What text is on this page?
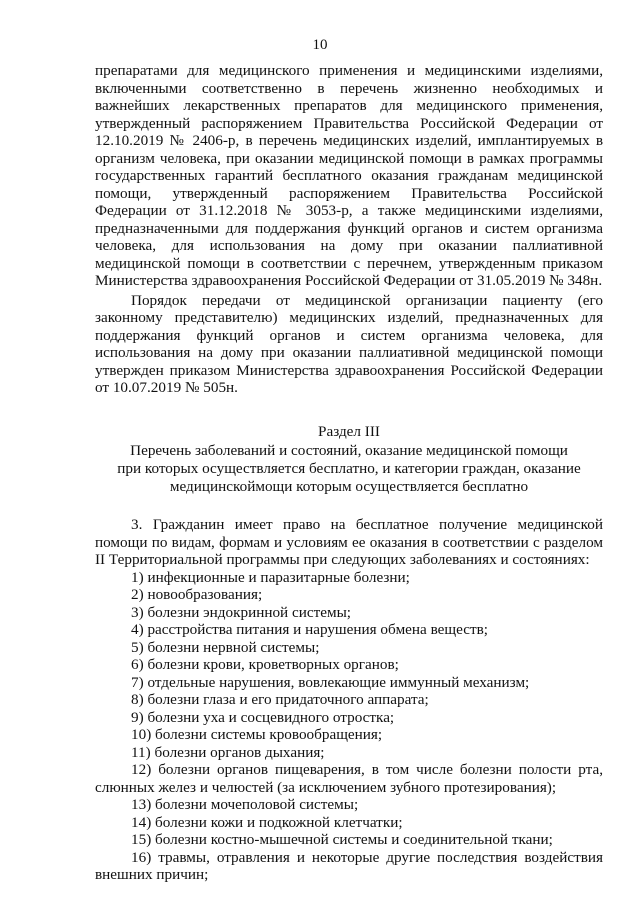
10

препаратами для медицинского применения и медицинскими изделиями, включенными соответственно в перечень жизненно необходимых и важнейших лекарственных препаратов для медицинского применения, утвержденный распоряжением Правительства Российской Федерации от 12.10.2019 № 2406-р, в перечень медицинских изделий, имплантируемых в организм человека, при оказании медицинской помощи в рамках программы государственных гарантий бесплатного оказания гражданам медицинской помощи, утвержденный распоряжением Правительства Российской Федерации от 31.12.2018 № 3053-р, а также медицинскими изделиями, предназначенными для поддержания функций органов и систем организма человека, для использования на дому при оказании паллиативной медицинской помощи в соответствии с перечнем, утвержденным приказом Министерства здравоохранения Российской Федерации от 31.05.2019 № 348н.

Порядок передачи от медицинской организации пациенту (его законному представителю) медицинских изделий, предназначенных для поддержания функций органов и систем организма человека, для использования на дому при оказании паллиативной медицинской помощи утвержден приказом Министерства здравоохранения Российской Федерации от 10.07.2019 № 505н.

Раздел III
Перечень заболеваний и состояний, оказание медицинской помощи
при которых осуществляется бесплатно, и категории граждан, оказание
медицинскоймощи которым осуществляется бесплатно

3. Гражданин имеет право на бесплатное получение медицинской помощи по видам, формам и условиям ее оказания в соответствии с разделом II Территориальной программы при следующих заболеваниях и состояниях:

1) инфекционные и паразитарные болезни;

2) новообразования;

3) болезни эндокринной системы;

4) расстройства питания и нарушения обмена веществ;

5) болезни нервной системы;

6) болезни крови, кроветворных органов;

7) отдельные нарушения, вовлекающие иммунный механизм;

8) болезни глаза и его придаточного аппарата;

9) болезни уха и сосцевидного отростка;

10) болезни системы кровообращения;

11) болезни органов дыхания;

12) болезни органов пищеварения, в том числе болезни полости рта, слюнных желез и челюстей (за исключением зубного протезирования);

13) болезни мочеполовой системы;

14) болезни кожи и подкожной клетчатки;

15) болезни костно-мышечной системы и соединительной ткани;

16) травмы, отравления и некоторые другие последствия воздействия внешних причин;
